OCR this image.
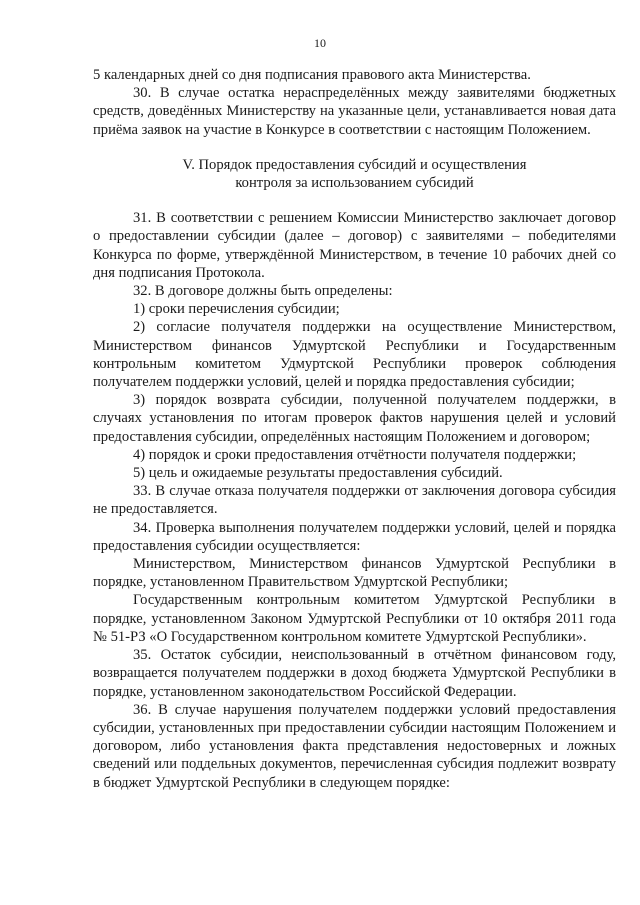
10

5 календарных дней со дня подписания правового акта Министерства.

30. В случае остатка нераспределённых между заявителями бюджетных средств, доведённых Министерству на указанные цели, устанавливается новая дата приёма заявок на участие в Конкурсе в соответствии с настоящим Положением.

V. Порядок предоставления субсидий и осуществления
контроля за использованием субсидий

31. В соответствии с решением Комиссии Министерство заключает договор о предоставлении субсидии (далее – договор) с заявителями – победителями Конкурса по форме, утверждённой Министерством, в течение 10 рабочих дней со дня подписания Протокола.

32. В договоре должны быть определены:

1) сроки перечисления субсидии;

2) согласие получателя поддержки на осуществление Министерством, Министерством финансов Удмуртской Республики и Государственным контрольным комитетом Удмуртской Республики проверок соблюдения получателем поддержки условий, целей и порядка предоставления субсидии;

3) порядок возврата субсидии, полученной получателем поддержки, в случаях установления по итогам проверок фактов нарушения целей и условий предоставления субсидии, определённых настоящим Положением и договором;

4) порядок и сроки предоставления отчётности получателя поддержки;

5) цель и ожидаемые результаты предоставления субсидий.

33. В случае отказа получателя поддержки от заключения договора субсидия не предоставляется.

34. Проверка выполнения получателем поддержки условий, целей и порядка предоставления субсидии осуществляется:

Министерством, Министерством финансов Удмуртской Республики в порядке, установленном Правительством Удмуртской Республики;

Государственным контрольным комитетом Удмуртской Республики в порядке, установленном Законом Удмуртской Республики от 10 октября 2011 года № 51-РЗ «О Государственном контрольном комитете Удмуртской Республики».

35. Остаток субсидии, неиспользованный в отчётном финансовом году, возвращается получателем поддержки в доход бюджета Удмуртской Республики в порядке, установленном законодательством Российской Федерации.

36. В случае нарушения получателем поддержки условий предоставления субсидии, установленных при предоставлении субсидии настоящим Положением и договором, либо установления факта представления недостоверных и ложных сведений или поддельных документов, перечисленная субсидия подлежит возврату в бюджет Удмуртской Республики в следующем порядке:
